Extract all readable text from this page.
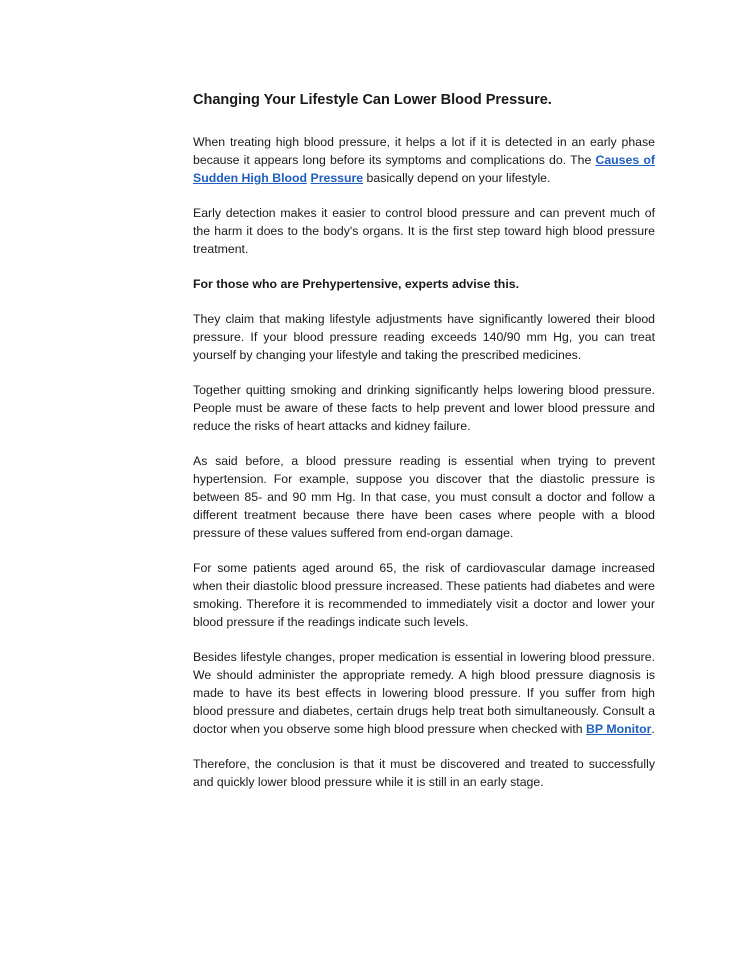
Changing Your Lifestyle Can Lower Blood Pressure.

When treating high blood pressure, it helps a lot if it is detected in an early phase because it appears long before its symptoms and complications do. The Causes of Sudden High Blood Pressure basically depend on your lifestyle.

Early detection makes it easier to control blood pressure and can prevent much of the harm it does to the body's organs. It is the first step toward high blood pressure treatment.

For those who are Prehypertensive, experts advise this.

They claim that making lifestyle adjustments have significantly lowered their blood pressure. If your blood pressure reading exceeds 140/90 mm Hg, you can treat yourself by changing your lifestyle and taking the prescribed medicines.

Together quitting smoking and drinking significantly helps lowering blood pressure. People must be aware of these facts to help prevent and lower blood pressure and reduce the risks of heart attacks and kidney failure.

As said before, a blood pressure reading is essential when trying to prevent hypertension. For example, suppose you discover that the diastolic pressure is between 85- and 90 mm Hg. In that case, you must consult a doctor and follow a different treatment because there have been cases where people with a blood pressure of these values suffered from end-organ damage.

For some patients aged around 65, the risk of cardiovascular damage increased when their diastolic blood pressure increased. These patients had diabetes and were smoking. Therefore it is recommended to immediately visit a doctor and lower your blood pressure if the readings indicate such levels.

Besides lifestyle changes, proper medication is essential in lowering blood pressure. We should administer the appropriate remedy. A high blood pressure diagnosis is made to have its best effects in lowering blood pressure. If you suffer from high blood pressure and diabetes, certain drugs help treat both simultaneously. Consult a doctor when you observe some high blood pressure when checked with BP Monitor.

Therefore, the conclusion is that it must be discovered and treated to successfully and quickly lower blood pressure while it is still in an early stage.
